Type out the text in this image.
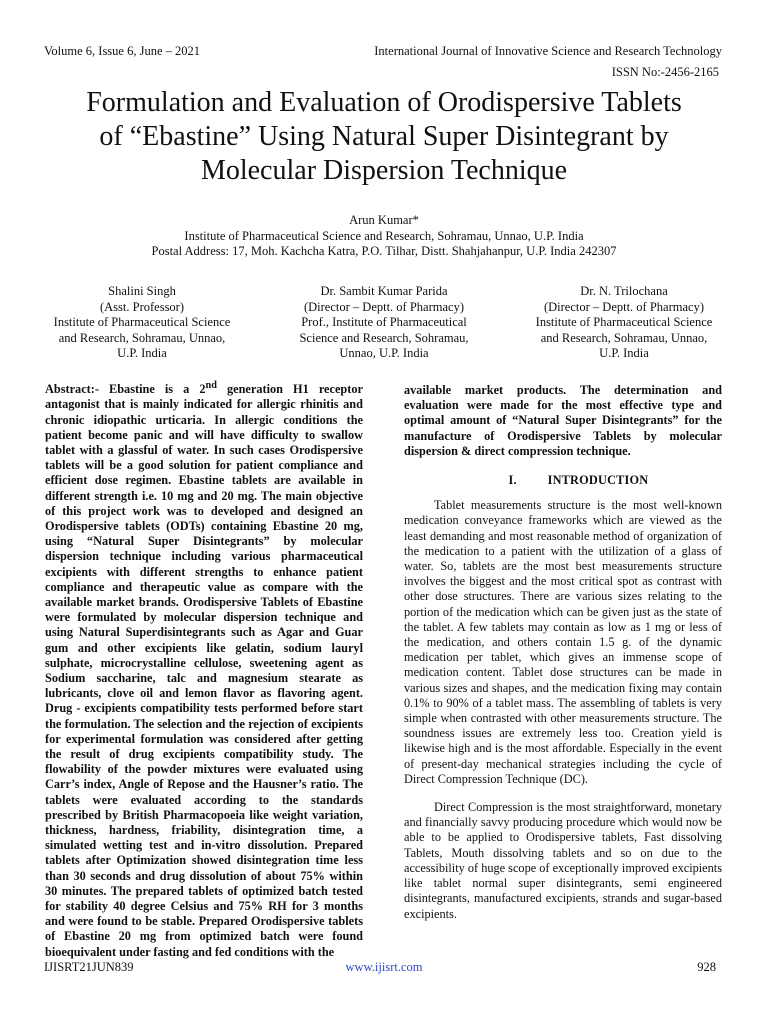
Volume 6, Issue 6, June – 2021	International Journal of Innovative Science and Research Technology
ISSN No:-2456-2165
Formulation and Evaluation of Orodispersive Tablets
of “Ebastine” Using Natural Super Disintegrant by
Molecular Dispersion Technique
Arun Kumar*
Institute of Pharmaceutical Science and Research, Sohramau, Unnao, U.P. India
Postal Address: 17, Moh. Kachcha Katra, P.O. Tilhar, Distt. Shahjahanpur, U.P. India 242307
Shalini Singh
(Asst. Professor)
Institute of Pharmaceutical Science
and Research, Sohramau, Unnao,
U.P. India
Dr. Sambit Kumar Parida
(Director – Deptt. of Pharmacy)
Prof., Institute of Pharmaceutical
Science and Research, Sohramau,
Unnao, U.P. India
Dr. N. Trilochana
(Director – Deptt. of Pharmacy)
Institute of Pharmaceutical Science
and Research, Sohramau, Unnao,
U.P. India

Abstract:- Ebastine is a 2nd generation H1 receptor antagonist that is mainly indicated for allergic rhinitis and chronic idiopathic urticaria. In allergic conditions the patient become panic and will have difficulty to swallow tablet with a glassful of water. In such cases Orodispersive tablets will be a good solution for patient compliance and efficient dose regimen. Ebastine tablets are available in different strength i.e. 10 mg and 20 mg. The main objective of this project work was to developed and designed an Orodispersive tablets (ODTs) containing Ebastine 20 mg, using “Natural Super Disintegrants” by molecular dispersion technique including various pharmaceutical excipients with different strengths to enhance patient compliance and therapeutic value as compare with the available market brands. Orodispersive Tablets of Ebastine were formulated by molecular dispersion technique and using Natural Superdisintegrants such as Agar and Guar gum and other excipients like gelatin, sodium lauryl sulphate, microcrystalline cellulose, sweetening agent as Sodium saccharine, talc and magnesium stearate as lubricants, clove oil and lemon flavor as flavoring agent. Drug - excipients compatibility tests performed before start the formulation. The selection and the rejection of excipients for experimental formulation was considered after getting the result of drug excipients compatibility study. The flowability of the powder mixtures were evaluated using Carr’s index, Angle of Repose and the Hausner’s ratio. The tablets were evaluated according to the standards prescribed by British Pharmacopoeia like weight variation, thickness, hardness, friability, disintegration time, a simulated wetting test and in-vitro dissolution. Prepared tablets after Optimization showed disintegration time less than 30 seconds and drug dissolution of about 75% within 30 minutes. The prepared tablets of optimized batch tested for stability 40 degree Celsius and 75% RH for 3 months and were found to be stable. Prepared Orodispersive tablets of Ebastine 20 mg from optimized batch were found bioequivalent under fasting and fed conditions with the

available market products. The determination and evaluation were made for the most effective type and optimal amount of “Natural Super Disintegrants” for the manufacture of Orodispersive Tablets by molecular dispersion & direct compression technique.

I.	INTRODUCTION

Tablet measurements structure is the most well-known medication conveyance frameworks which are viewed as the least demanding and most reasonable method of organization of the medication to a patient with the utilization of a glass of water. So, tablets are the most best measurements structure involves the biggest and the most critical spot as contrast with other dose structures. There are various sizes relating to the portion of the medication which can be given just as the state of the tablet. A few tablets may contain as low as 1 mg or less of the medication, and others contain 1.5 g. of the dynamic medication per tablet, which gives an immense scope of medication content. Tablet dose structures can be made in various sizes and shapes, and the medication fixing may contain 0.1% to 90% of a tablet mass. The assembling of tablets is very simple when contrasted with other measurements structure. The soundness issues are extremely less too. Creation yield is likewise high and is the most affordable. Especially in the event of present-day mechanical strategies including the cycle of Direct Compression Technique (DC).

Direct Compression is the most straightforward, monetary and financially savvy producing procedure which would now be able to be applied to Orodispersive tablets, Fast dissolving Tablets, Mouth dissolving tablets and so on due to the accessibility of huge scope of exceptionally improved excipients like tablet normal super disintegrants, semi engineered disintegrants, manufactured excipients, strands and sugar-based excipients.

IJISRT21JUN839	www.ijisrt.com	928
